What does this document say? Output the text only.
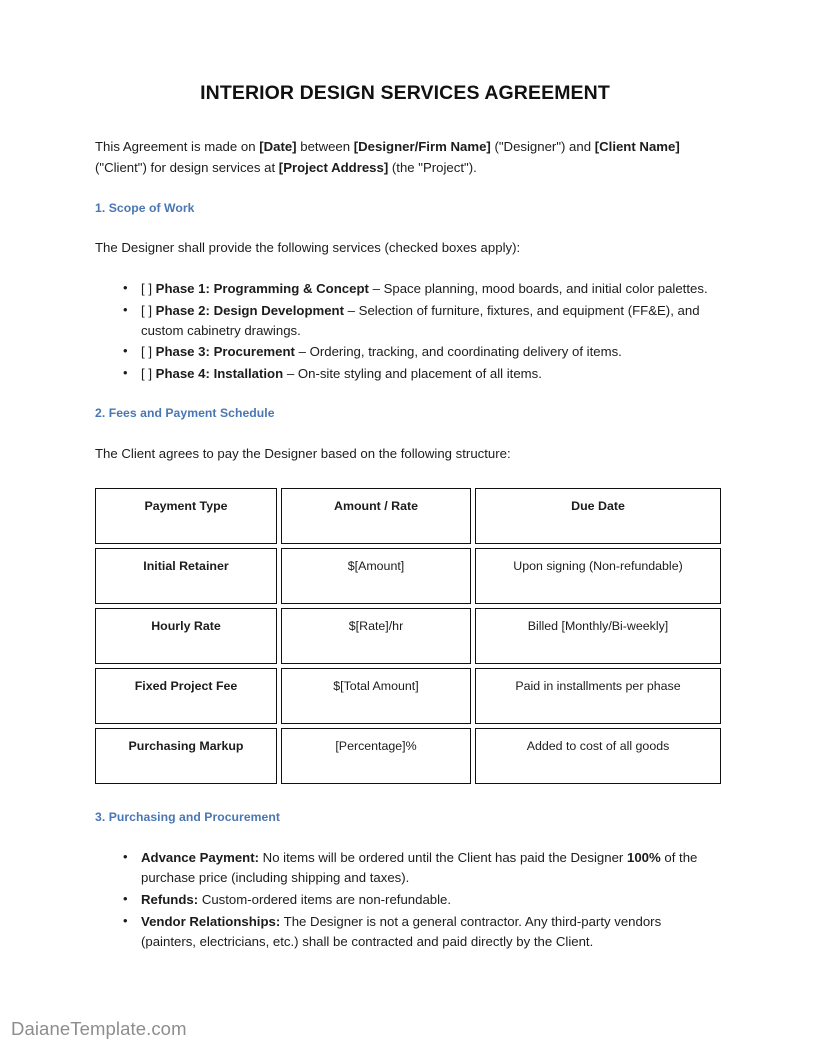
INTERIOR DESIGN SERVICES AGREEMENT

This Agreement is made on [Date] between [Designer/Firm Name] ("Designer") and [Client Name] ("Client") for design services at [Project Address] (the "Project").

1. Scope of Work

The Designer shall provide the following services (checked boxes apply):

• [ ] Phase 1: Programming & Concept – Space planning, mood boards, and initial color palettes.
• [ ] Phase 2: Design Development – Selection of furniture, fixtures, and equipment (FF&E), and custom cabinetry drawings.
• [ ] Phase 3: Procurement – Ordering, tracking, and coordinating delivery of items.
• [ ] Phase 4: Installation – On-site styling and placement of all items.
2. Fees and Payment Schedule

The Client agrees to pay the Designer based on the following structure:

Payment Type	Amount / Rate	Due Date
Initial Retainer	$[Amount]	Upon signing (Non-refundable)
Hourly Rate	$[Rate]/hr	Billed [Monthly/Bi-weekly]
Fixed Project Fee	$[Total Amount]	Paid in installments per phase
Purchasing Markup	[Percentage]%	Added to cost of all goods
3. Purchasing and Procurement
• Advance Payment: No items will be ordered until the Client has paid the Designer 100% of the purchase price (including shipping and taxes).
• Refunds: Custom-ordered items are non-refundable.
• Vendor Relationships: The Designer is not a general contractor. Any third-party vendors (painters, electricians, etc.) shall be contracted and paid directly by the Client.
DaianeTemplate.com
